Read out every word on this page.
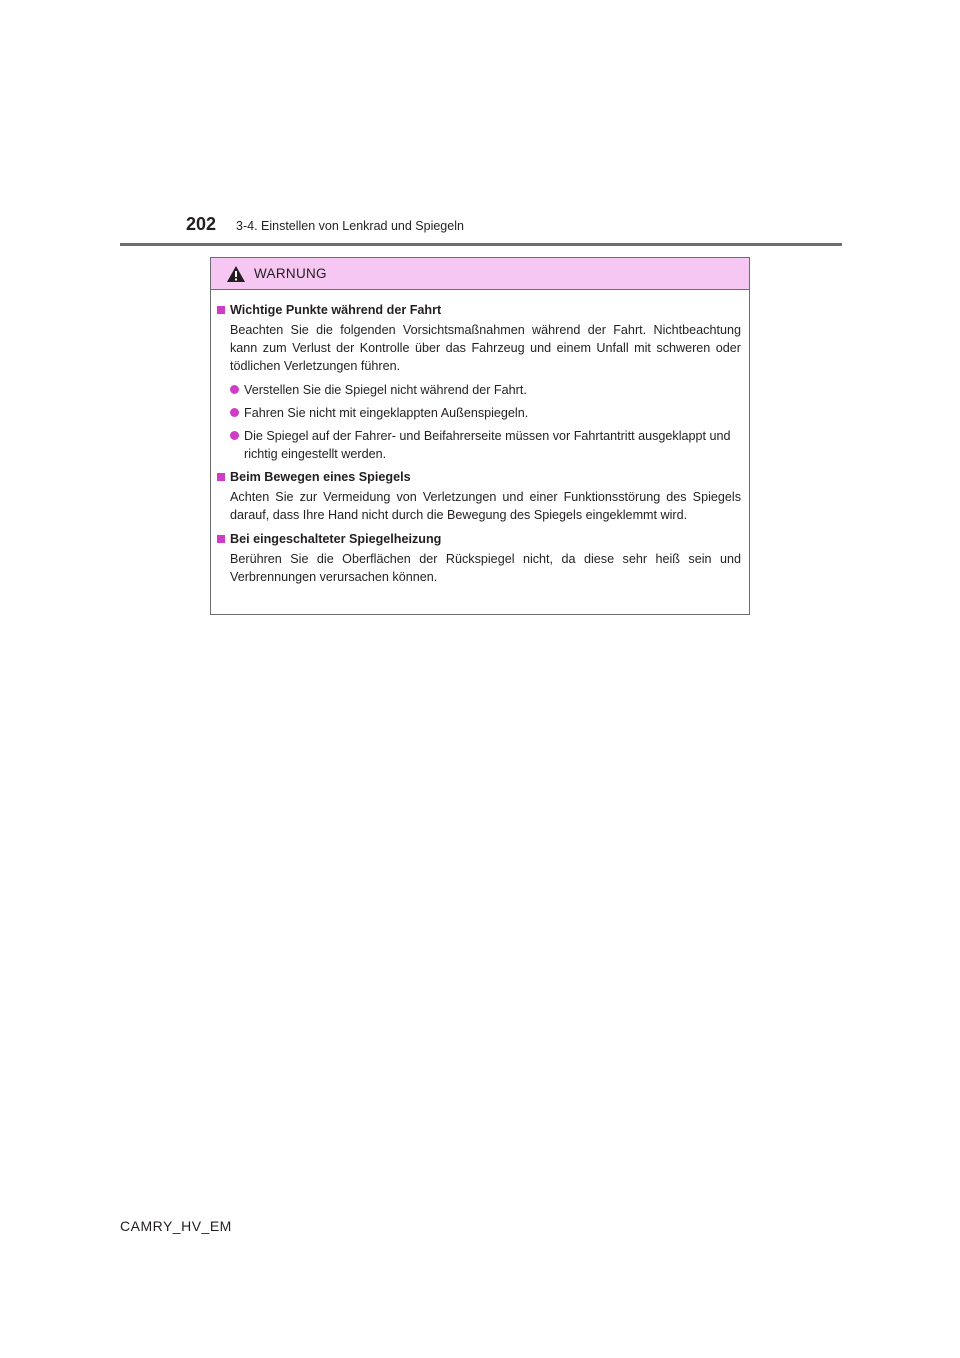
202	3-4. Einstellen von Lenkrad und Spiegeln
WARNUNG
Wichtige Punkte während der Fahrt
Beachten Sie die folgenden Vorsichtsmaßnahmen während der Fahrt. Nichtbeachtung kann zum Verlust der Kontrolle über das Fahrzeug und einem Unfall mit schweren oder tödlichen Verletzungen führen.
Verstellen Sie die Spiegel nicht während der Fahrt.
Fahren Sie nicht mit eingeklappten Außenspiegeln.
Die Spiegel auf der Fahrer- und Beifahrerseite müssen vor Fahrtantritt ausgeklappt und richtig eingestellt werden.
Beim Bewegen eines Spiegels
Achten Sie zur Vermeidung von Verletzungen und einer Funktionsstörung des Spiegels darauf, dass Ihre Hand nicht durch die Bewegung des Spiegels eingeklemmt wird.
Bei eingeschalteter Spiegelheizung
Berühren Sie die Oberflächen der Rückspiegel nicht, da diese sehr heiß sein und Verbrennungen verursachen können.
CAMRY_HV_EM
